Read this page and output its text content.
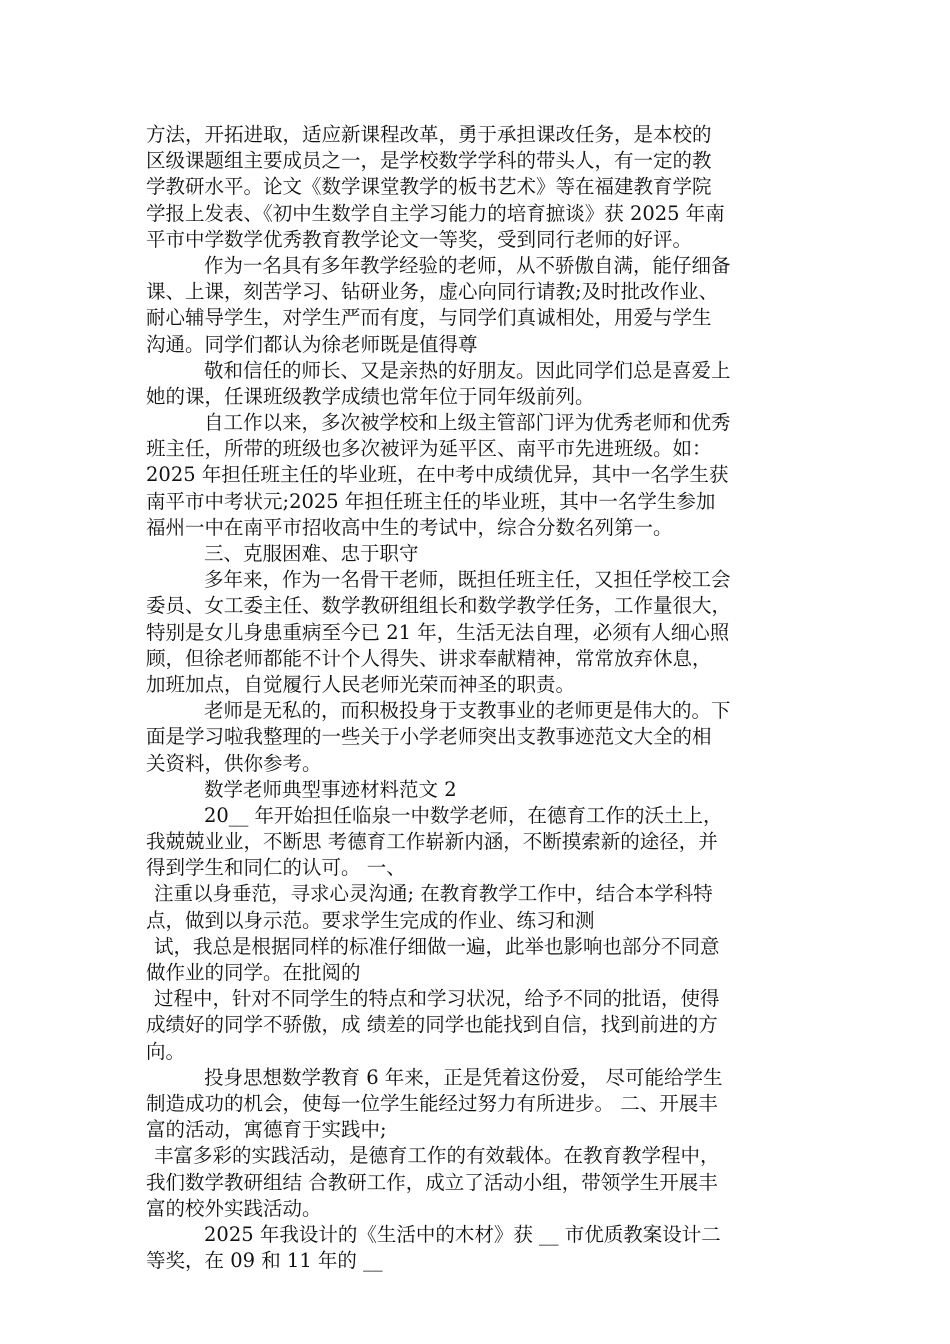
方法，开拓进取，适应新课程改革，勇于承担课改任务，是本校的
区级课题组主要成员之一，是学校数学学科的带头人，有一定的教
学教研水平。论文《数学课堂教学的板书艺术》等在福建教育学院
学报上发表、《初中生数学自主学习能力的培育摭谈》获 2025 年南
平市中学数学优秀教育教学论文一等奖，受到同行老师的好评。
作为一名具有多年教学经验的老师，从不骄傲自满，能仔细备
课、上课，刻苦学习、钻研业务，虚心向同行请教;及时批改作业、
耐心辅导学生，对学生严而有度，与同学们真诚相处，用爱与学生
沟通。同学们都认为徐老师既是值得尊
敬和信任的师长、又是亲热的好朋友。因此同学们总是喜爱上
她的课，任课班级教学成绩也常年位于同年级前列。
自工作以来，多次被学校和上级主管部门评为优秀老师和优秀
班主任，所带的班级也多次被评为延平区、南平市先进班级。如：
2025 年担任班主任的毕业班，在中考中成绩优异，其中一名学生获
南平市中考状元;2025 年担任班主任的毕业班，其中一名学生参加
福州一中在南平市招收高中生的考试中，综合分数名列第一。
三、克服困难、忠于职守
多年来，作为一名骨干老师，既担任班主任，又担任学校工会
委员、女工委主任、数学教研组组长和数学教学任务，工作量很大，
特别是女儿身患重病至今已 21 年，生活无法自理，必须有人细心照
顾，但徐老师都能不计个人得失、讲求奉献精神，常常放弃休息，
加班加点，自觉履行人民老师光荣而神圣的职责。
老师是无私的，而积极投身于支教事业的老师更是伟大的。下
面是学习啦我整理的一些关于小学老师突出支教事迹范文大全的相
关资料，供你参考。
数学老师典型事迹材料范文 2
20__ 年开始担任临泉一中数学老师，在德育工作的沃土上，
我兢兢业业，不断思 考德育工作崭新内涵，不断摸索新的途径，并
得到学生和同仁的认可。 一、
注重以身垂范，寻求心灵沟通; 在教育教学工作中，结合本学科特
点，做到以身示范。要求学生完成的作业、练习和测
试，我总是根据同样的标准仔细做一遍，此举也影响也部分不同意
做作业的同学。在批阅的
过程中，针对不同学生的特点和学习状况，给予不同的批语，使得
成绩好的同学不骄傲，成 绩差的同学也能找到自信，找到前进的方
向。
投身思想数学教育 6 年来，正是凭着这份爱， 尽可能给学生
制造成功的机会，使每一位学生能经过努力有所进步。 二、开展丰
富的活动，寓德育于实践中;
丰富多彩的实践活动，是德育工作的有效载体。在教育教学程中，
我们数学教研组结 合教研工作，成立了活动小组，带领学生开展丰
富的校外实践活动。
2025 年我设计的《生活中的木材》获 __ 市优质教案设计二
等奖，在 09 和 11 年的 __
